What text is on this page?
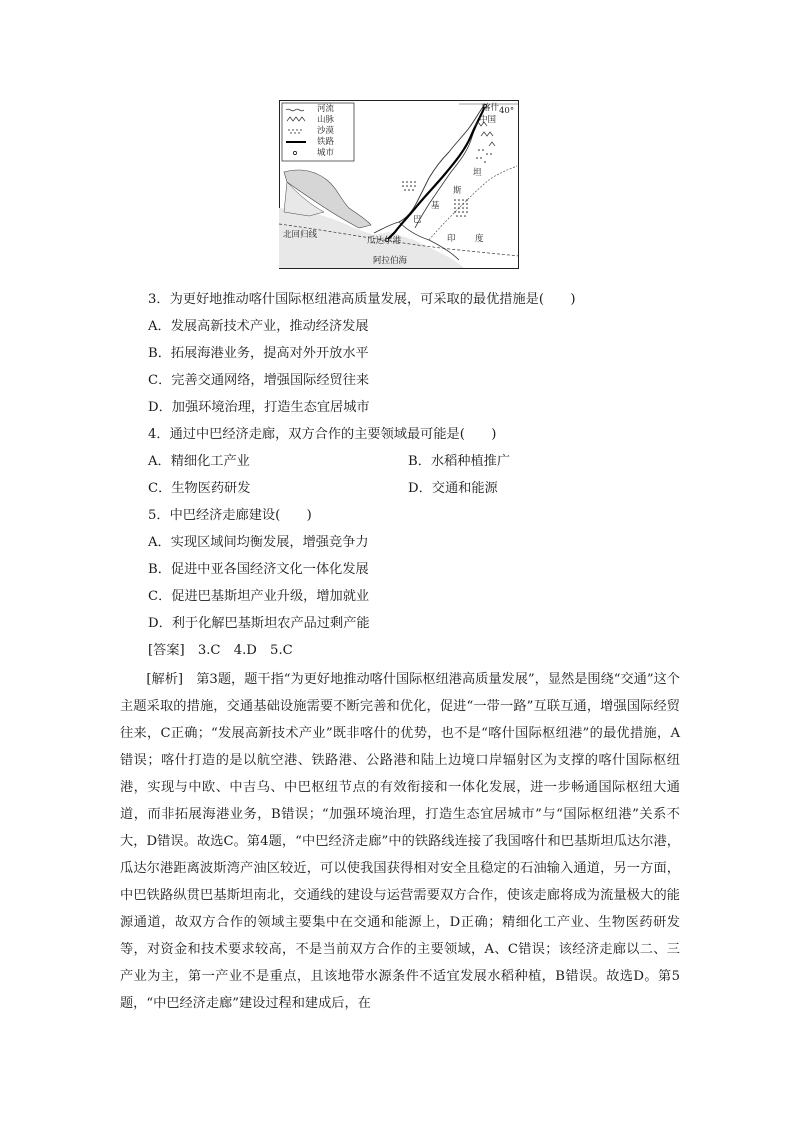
河流
山脉
沙漠
铁路
城市
喀什
中国
40°
坦
斯
基
巴
印 度
瓜达尔港
阿拉伯海
北回归线
3．为更好地推动喀什国际枢纽港高质量发展，可采取的最优措施是(　　)
A．发展高新技术产业，推动经济发展
B．拓展海港业务，提高对外开放水平
C．完善交通网络，增强国际经贸往来
D．加强环境治理，打造生态宜居城市
4．通过中巴经济走廊，双方合作的主要领域最可能是(　　)
A．精细化工产业	B．水稻种植推广
C．生物医药研发	D．交通和能源
5．中巴经济走廊建设(　　)
A．实现区域间均衡发展，增强竞争力
B．促进中亚各国经济文化一体化发展
C．促进巴基斯坦产业升级，增加就业
D．利于化解巴基斯坦农产品过剩产能
[答案]　3.C　4.D　5.C
[解析]　第3题，题干指“为更好地推动喀什国际枢纽港高质量发展”，显然是围绕“交通”这个主题采取的措施，交通基础设施需要不断完善和优化，促进“一带一路”互联互通，增强国际经贸往来，C正确；“发展高新技术产业”既非喀什的优势，也不是“喀什国际枢纽港”的最优措施，A错误；喀什打造的是以航空港、铁路港、公路港和陆上边境口岸辐射区为支撑的喀什国际枢纽港，实现与中欧、中吉乌、中巴枢纽节点的有效衔接和一体化发展，进一步畅通国际枢纽大通道，而非拓展海港业务，B错误；“加强环境治理，打造生态宜居城市”与“国际枢纽港”关系不大，D错误。故选C。第4题，“中巴经济走廊”中的铁路线连接了我国喀什和巴基斯坦瓜达尔港，瓜达尔港距离波斯湾产油区较近，可以使我国获得相对安全且稳定的石油输入通道，另一方面，中巴铁路纵贯巴基斯坦南北，交通线的建设与运营需要双方合作，使该走廊将成为流量极大的能源通道，故双方合作的领域主要集中在交通和能源上，D正确；精细化工产业、生物医药研发等，对资金和技术要求较高，不是当前双方合作的主要领域，A、C错误；该经济走廊以二、三产业为主，第一产业不是重点，且该地带水源条件不适宜发展水稻种植，B错误。故选D。第5题，“中巴经济走廊”建设过程和建成后，在
